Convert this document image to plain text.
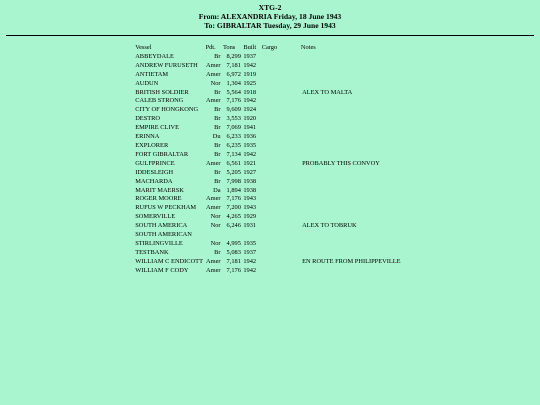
XTG-2
From: ALEXANDRIA Friday, 18 June 1943
To: GIBRALTAR Tuesday, 29 June 1943
Vessel	Pdt.	Tons	Built	Cargo	Notes
ABBEYDALE	Br	8,299	1937		
ANDREW FURUSETH	Amer	7,181	1942		
ANTIETAM	Amer	6,972	1919		
AUDUN	Nor	1,304	1925		
BRITISH SOLDIER	Br	5,564	1918		ALEX TO MALTA
CALEB STRONG	Amer	7,176	1942		
CITY OF HONGKONG	Br	9,609	1924		
DESTRO	Br	3,553	1920		
EMPIRE CLIVE	Br	7,069	1941		
ERINNA	Du	6,233	1936		
EXPLORER	Br	6,235	1935		
FORT GIBRALTAR	Br	7,134	1942		
GULFPRINCE	Amer	6,561	1921		PROBABLY THIS CONVOY
IDDESLEIGH	Br	5,205	1927		
MACHARDA	Br	7,998	1938		
MARIT MAERSK	Da	1,894	1938		
ROGER MOORE	Amer	7,176	1943		
RUFUS W PECKHAM	Amer	7,200	1943		
SOMERVILLE	Nor	4,265	1929		
SOUTH AMERICA	Nor	6,246	1931		ALEX TO TOBRUK
SOUTH AMERICAN					
STIRLINGVILLE	Nor	4,995	1935		
TESTBANK	Br	5,083	1937		
WILLIAM C ENDICOTT	Amer	7,181	1942		EN ROUTE FROM PHILIPPEVILLE
WILLIAM F CODY	Amer	7,176	1942		
